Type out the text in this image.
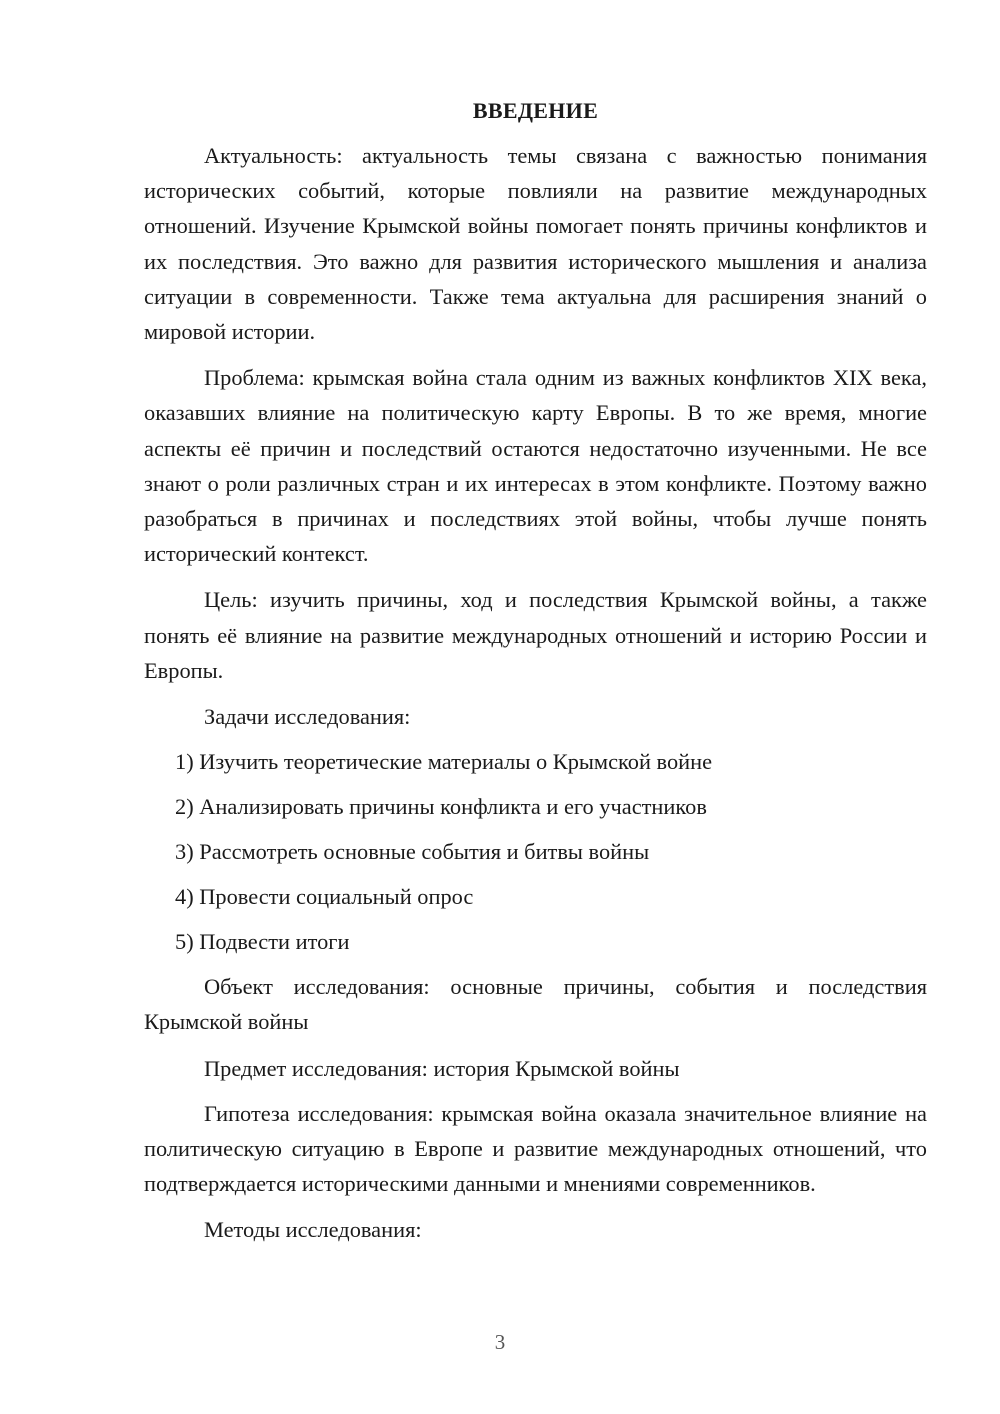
ВВЕДЕНИЕ

Актуальность: актуальность темы связана с важностью понимания исторических событий, которые повлияли на развитие международных отношений. Изучение Крымской войны помогает понять причины конфликтов и их последствия. Это важно для развития исторического мышления и анализа ситуации в современности. Также тема актуальна для расширения знаний о мировой истории.

Проблема: крымская война стала одним из важных конфликтов XIX века, оказавших влияние на политическую карту Европы. В то же время, многие аспекты её причин и последствий остаются недостаточно изученными. Не все знают о роли различных стран и их интересах в этом конфликте. Поэтому важно разобраться в причинах и последствиях этой войны, чтобы лучше понять исторический контекст.

Цель: изучить причины, ход и последствия Крымской войны, а также понять её влияние на развитие международных отношений и историю России и Европы.

Задачи исследования:

1) Изучить теоретические материалы о Крымской войне
2) Анализировать причины конфликта и его участников
3) Рассмотреть основные события и битвы войны
4) Провести социальный опрос
5) Подвести итоги

Объект исследования: основные причины, события и последствия Крымской войны

Предмет исследования: история Крымской войны

Гипотеза исследования: крымская война оказала значительное влияние на политическую ситуацию в Европе и развитие международных отношений, что подтверждается историческими данными и мнениями современников.

Методы исследования:

3
